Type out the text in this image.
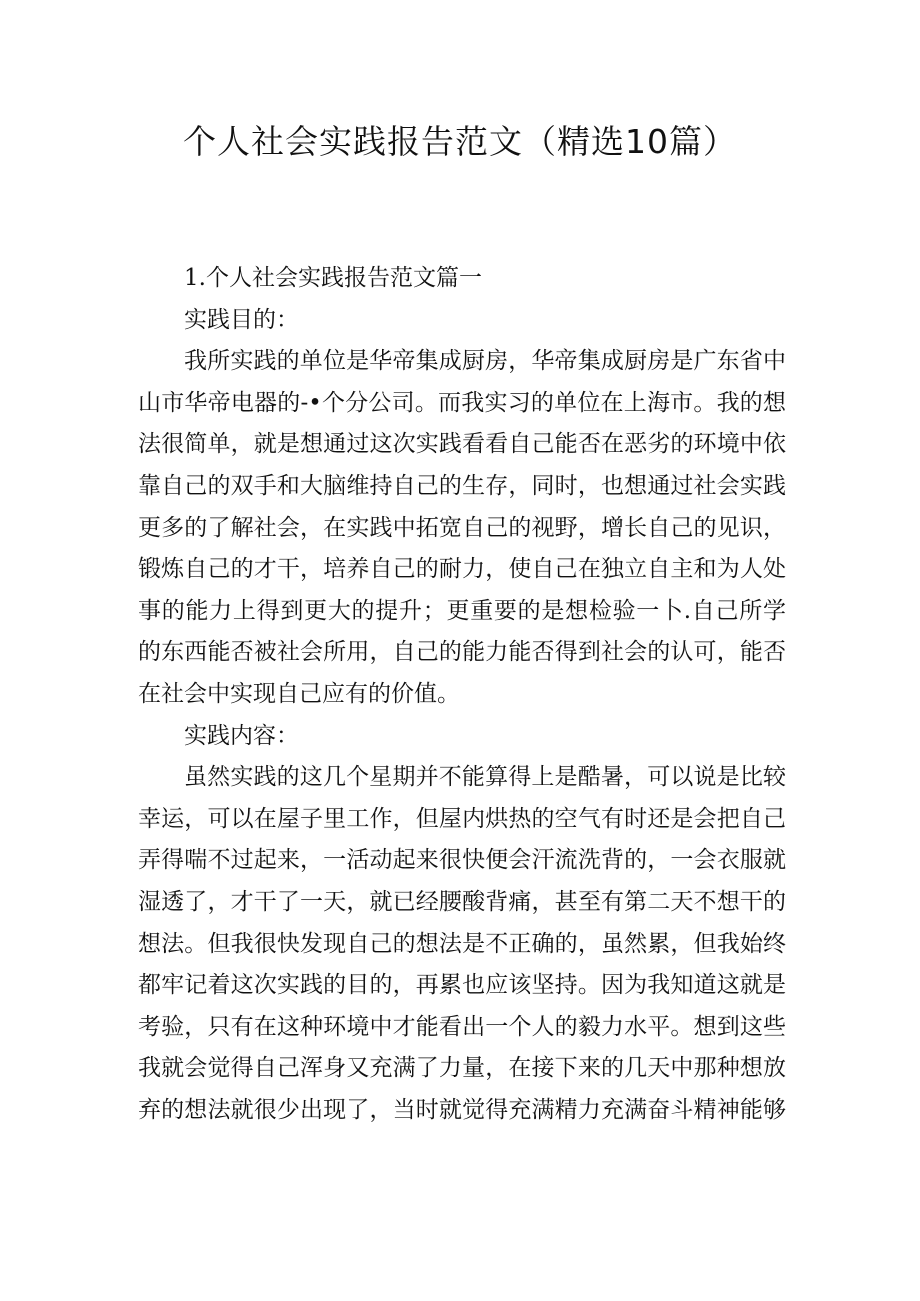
个人社会实践报告范文（精选10篇）
1.个人社会实践报告范文篇一
实践目的：
我所实践的单位是华帝集成厨房，华帝集成厨房是广东省中
山市华帝电器的-•个分公司。而我实习的单位在上海市。我的想
法很简单，就是想通过这次实践看看自己能否在恶劣的环境中依
靠自己的双手和大脑维持自己的生存，同时，也想通过社会实践
更多的了解社会，在实践中拓宽自己的视野，增长自己的见识，
锻炼自己的才干，培养自己的耐力，使自己在独立自主和为人处
事的能力上得到更大的提升；更重要的是想检验一卜.自己所学
的东西能否被社会所用，自己的能力能否得到社会的认可，能否
在社会中实现自己应有的价值。
实践内容：
虽然实践的这几个星期并不能算得上是酷暑，可以说是比较
幸运，可以在屋子里工作，但屋内烘热的空气有时还是会把自己
弄得喘不过起来，一活动起来很快便会汗流洗背的，一会衣服就
湿透了，才干了一天，就已经腰酸背痛，甚至有第二天不想干的
想法。但我很快发现自己的想法是不正确的，虽然累，但我始终
都牢记着这次实践的目的，再累也应该坚持。因为我知道这就是
考验，只有在这种环境中才能看出一个人的毅力水平。想到这些
我就会觉得自己浑身又充满了力量，在接下来的几天中那种想放
弃的想法就很少出现了，当时就觉得充满精力充满奋斗精神能够
